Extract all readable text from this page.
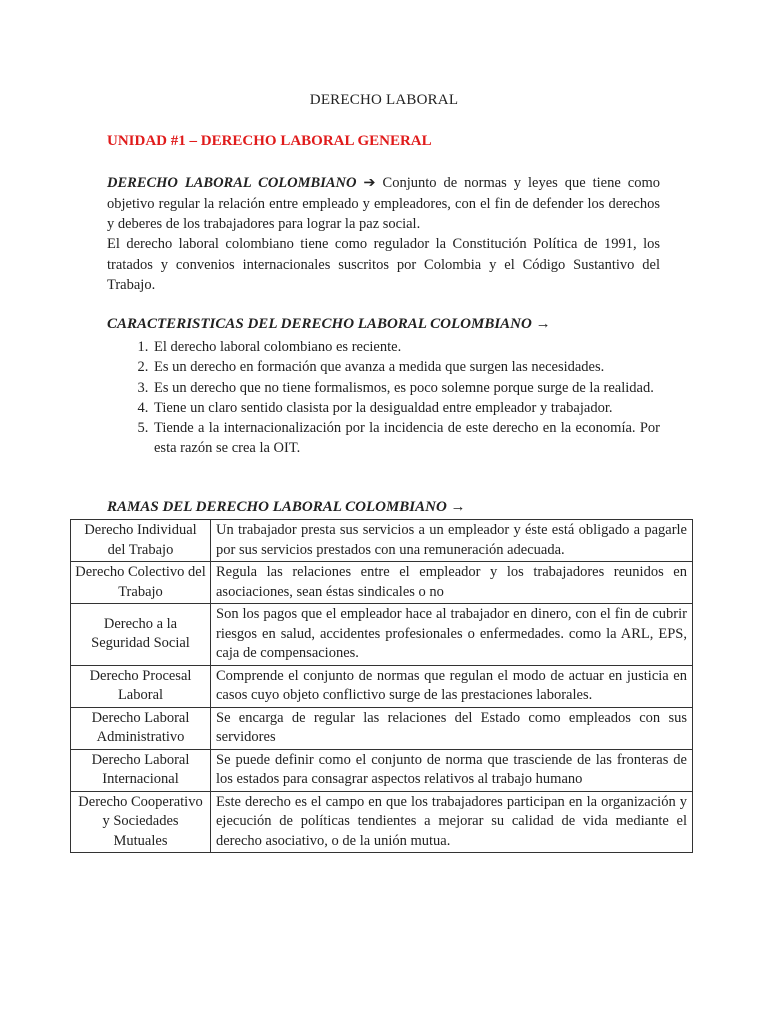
DERECHO LABORAL
UNIDAD #1 – DERECHO LABORAL GENERAL
DERECHO LABORAL COLOMBIANO ➔ Conjunto de normas y leyes que tiene como objetivo regular la relación entre empleado y empleadores, con el fin de defender los derechos y deberes de los trabajadores para lograr la paz social.
El derecho laboral colombiano tiene como regulador la Constitución Política de 1991, los tratados y convenios internacionales suscritos por Colombia y el Código Sustantivo del Trabajo.
CARACTERISTICAS DEL DERECHO LABORAL COLOMBIANO →
1. El derecho laboral colombiano es reciente.
2. Es un derecho en formación que avanza a medida que surgen las necesidades.
3. Es un derecho que no tiene formalismos, es poco solemne porque surge de la realidad.
4. Tiene un claro sentido clasista por la desigualdad entre empleador y trabajador.
5. Tiende a la internacionalización por la incidencia de este derecho en la economía. Por esta razón se crea la OIT.
RAMAS DEL DERECHO LABORAL COLOMBIANO →
Derecho Individual del Trabajo	Un trabajador presta sus servicios a un empleador y éste está obligado a pagarle por sus servicios prestados con una remuneración adecuada.
Derecho Colectivo del Trabajo	Regula las relaciones entre el empleador y los trabajadores reunidos en asociaciones, sean éstas sindicales o no
Derecho a la Seguridad Social	Son los pagos que el empleador hace al trabajador en dinero, con el fin de cubrir riesgos en salud, accidentes profesionales o enfermedades. como la ARL, EPS, caja de compensaciones.
Derecho Procesal Laboral	Comprende el conjunto de normas que regulan el modo de actuar en justicia en casos cuyo objeto conflictivo surge de las prestaciones laborales.
Derecho Laboral Administrativo	Se encarga de regular las relaciones del Estado como empleados con sus servidores
Derecho Laboral Internacional	Se puede definir como el conjunto de norma que trasciende de las fronteras de los estados para consagrar aspectos relativos al trabajo humano
Derecho Cooperativo y Sociedades Mutuales	Este derecho es el campo en que los trabajadores participan en la organización y ejecución de políticas tendientes a mejorar su calidad de vida mediante el derecho asociativo, o de la unión mutua.
